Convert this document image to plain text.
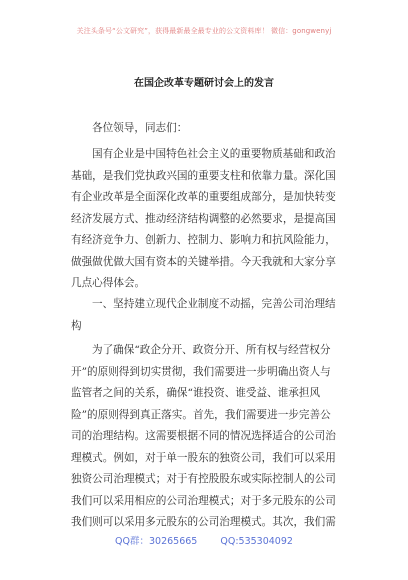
关注头条号“公文研究”，获得最新最全最专业的公文资料库！ 微信：gongwenyj
在国企改革专题研讨会上的发言
各位领导，同志们：
国有企业是中国特色社会主义的重要物质基础和政治
基础，是我们党执政兴国的重要支柱和依靠力量。深化国
有企业改革是全面深化改革的重要组成部分，是加快转变
经济发展方式、推动经济结构调整的必然要求，是提高国
有经济竞争力、创新力、控制力、影响力和抗风险能力，
做强做优做大国有资本的关键举措。今天我就和大家分享
几点心得体会。
一、坚持建立现代企业制度不动摇，完善公司治理结
构
为了确保“政企分开、政资分开、所有权与经营权分
开”的原则得到切实贯彻，我们需要进一步明确出资人与
监管者之间的关系，确保“谁投资、谁受益、谁承担风
险”的原则得到真正落实。首先，我们需要进一步完善公
司的治理结构。这需要根据不同的情况选择适合的公司治
理模式。例如，对于单一股东的独资公司，我们可以采用
独资公司治理模式；对于有控股股东或实际控制人的公司
我们可以采用相应的公司治理模式；对于多元股东的公司
我们则可以采用多元股东的公司治理模式。其次，我们需
QQ群：30265665 QQ:535304092
